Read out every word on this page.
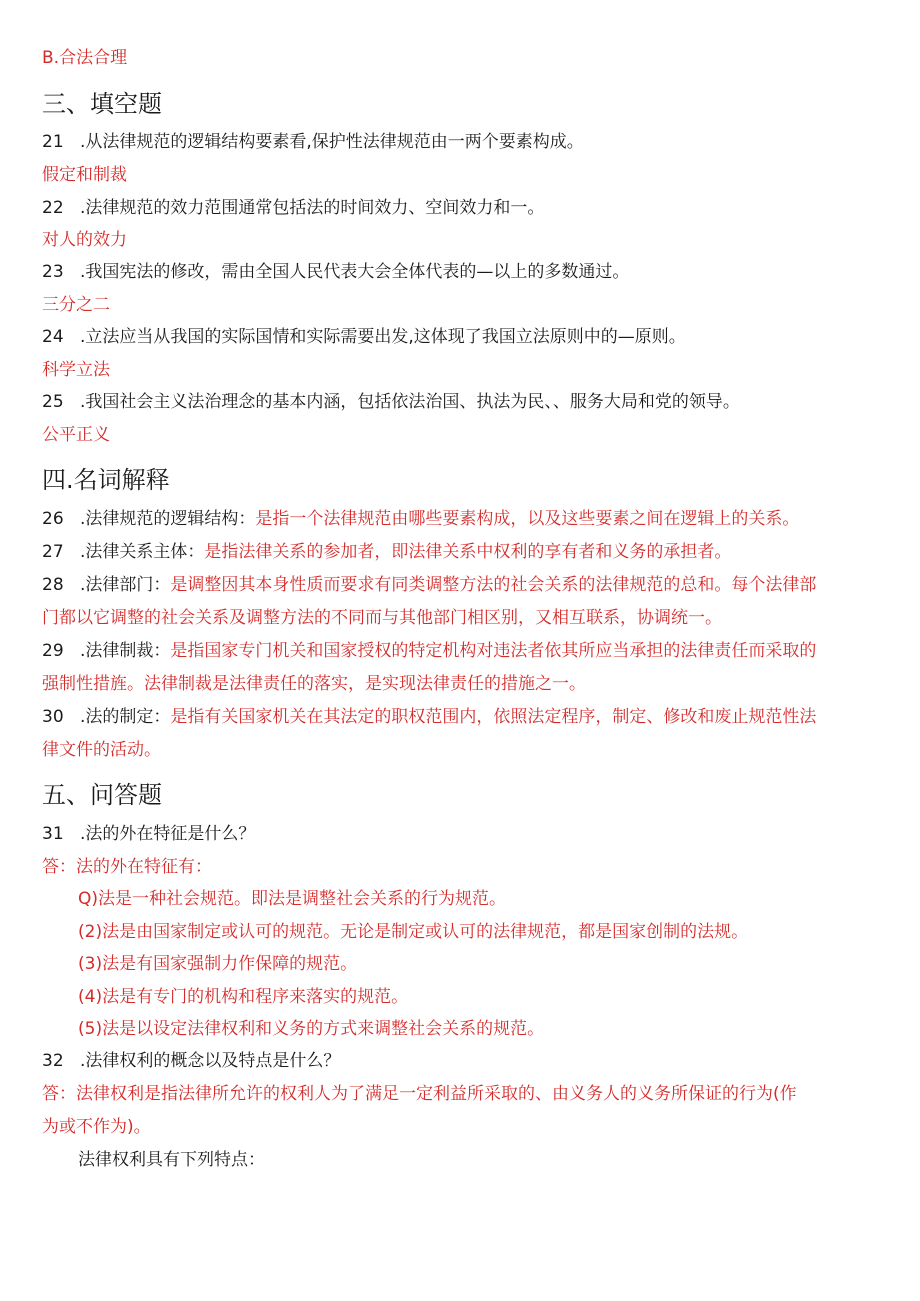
B.合法合理
三、填空题
21 .从法律规范的逻辑结构要素看,保护性法律规范由一两个要素构成。
假定和制裁
22 .法律规范的效力范围通常包括法的时间效力、空间效力和一。
对人的效力
23 .我国宪法的修改，需由全国人民代表大会全体代表的—以上的多数通过。
三分之二
24 .立法应当从我国的实际国情和实际需要出发,这体现了我国立法原则中的—原则。
科学立法
25 .我国社会主义法治理念的基本内涵，包括依法治国、执法为民、、服务大局和党的领导。
公平正义
四.名词解释
26 .法律规范的逻辑结构：是指一个法律规范由哪些要素构成，以及这些要素之间在逻辑上的关系。
27 .法律关系主体：是指法律关系的参加者，即法律关系中权利的享有者和义务的承担者。
28 .法律部门：是调整因其本身性质而要求有同类调整方法的社会关系的法律规范的总和。每个法律部
门都以它调整的社会关系及调整方法的不同而与其他部门相区别，又相互联系，协调统一。
29 .法律制裁：是指国家专门机关和国家授权的特定机构对违法者依其所应当承担的法律责任而采取的
强制性措旌。法律制裁是法律责任的落实，是实现法律责任的措施之一。
30 .法的制定：是指有关国家机关在其法定的职权范围内，依照法定程序，制定、修改和废止规范性法
律文件的活动。
五、问答题
31 .法的外在特征是什么？
答：法的外在特征有：
Q)法是一种社会规范。即法是调整社会关系的行为规范。
(2)法是由国家制定或认可的规范。无论是制定或认可的法律规范，都是国家创制的法规。
(3)法是有国家强制力作保障的规范。
(4)法是有专门的机构和程序来落实的规范。
(5)法是以设定法律权利和义务的方式来调整社会关系的规范。
32 .法律权利的概念以及特点是什么？
答：法律权利是指法律所允许的权利人为了满足一定利益所采取的、由义务人的义务所保证的行为(作
为或不作为)。
法律权利具有下列特点：
